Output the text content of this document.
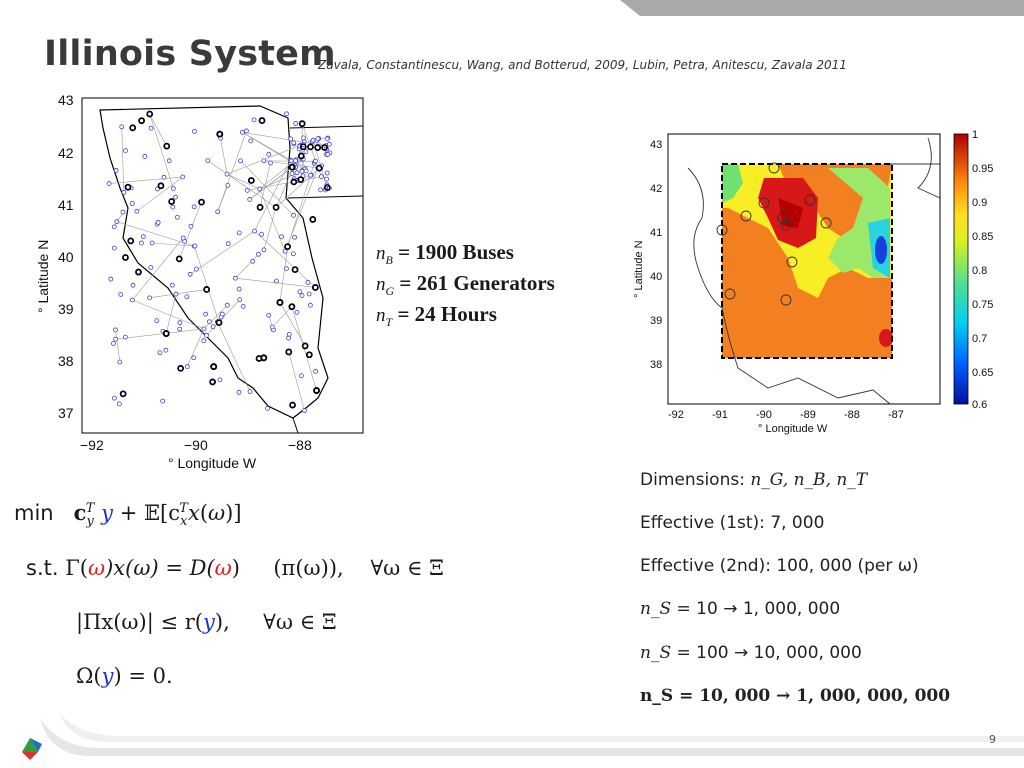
Illinois System
Zavala, Constantinescu, Wang, and Botterud, 2009, Lubin, Petra, Anitescu, Zavala 2011
43
42
41
40
39
38
37
−92	−90	−88
° Longitude W
° Latitude N	$n_B = 1900$ Buses
$n_G = 261$ Generators
$n_T = 24$ Hours
1
0.95
0.9
0.85
0.8
0.75
0.7
0.65
0.6
43
42
41
40
39
38
-92	-91	-90	-89	-88	-87
° Longitude W
° Latitude N
$\min c_y^T$ $y + 𝔼[c_x^Tx(\omega)]$
s.t. Γ(ω)x(ω) = D(ω) (π(ω)), ∀ω ∈ Ξ
|Πx(ω)| ≤ r(y), ∀ω ∈ Ξ
Ω(y) = 0.
Dimensions: n_G, n_B, n_T
Effective (1st): 7, 000
Effective (2nd): 100, 000 (per ω)
n_S = 10 → 1, 000, 000
n_S = 100 → 10, 000, 000
n_S = 10, 000 → 1, 000, 000, 000
9
